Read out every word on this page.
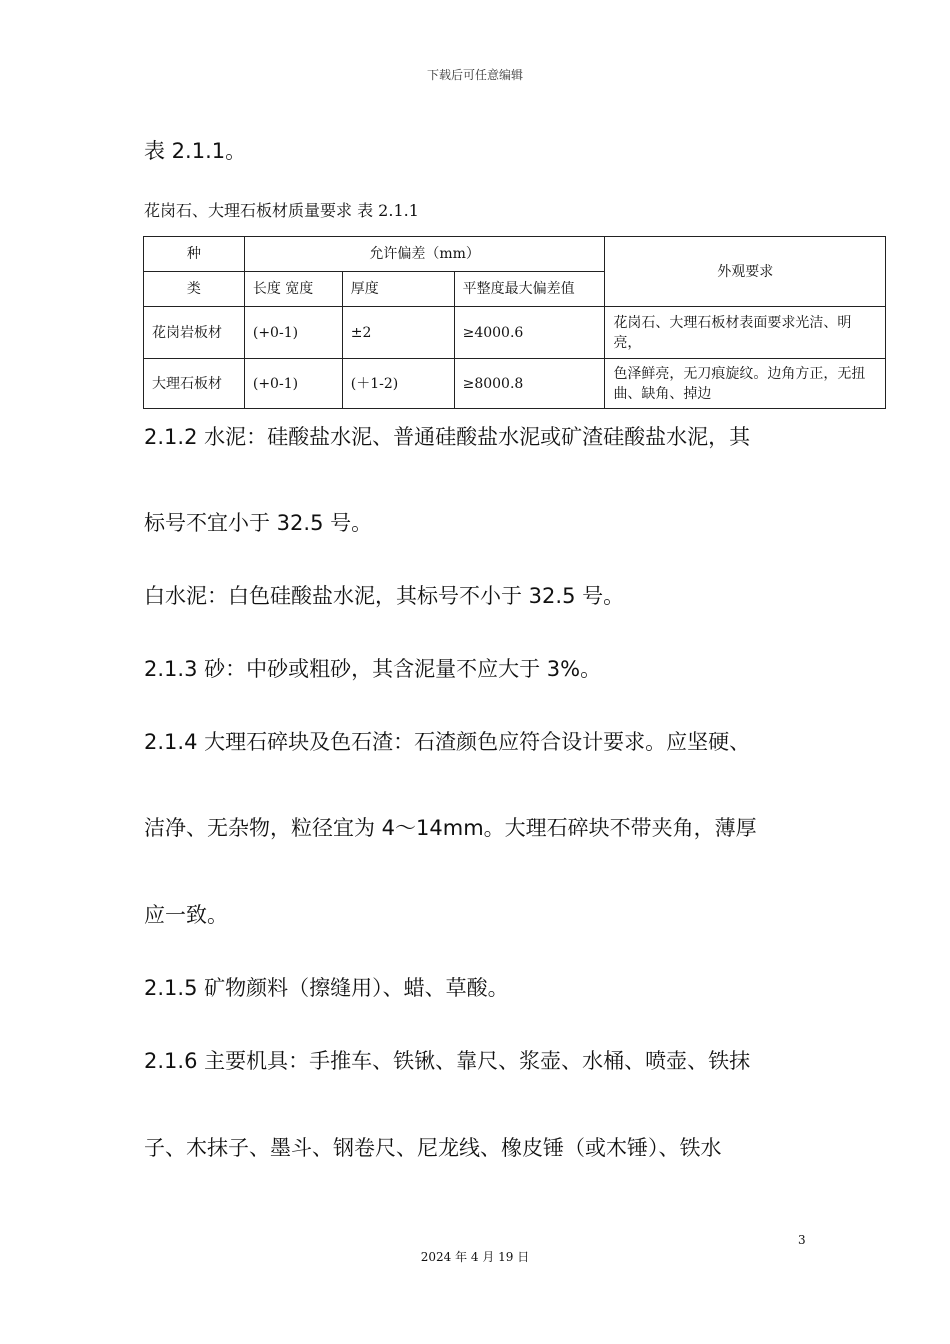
下载后可任意编辑
表 2.1.1。
花岗石、大理石板材质量要求 表 2.1.1
种	允许偏差（mm）			外观要求
类	长度 宽度	厚度	平整度最大偏差值	
花岗岩板材	(+0-1)	±2	≥4000.6	花岗石、大理石板材表面要求光洁、明亮，
大理石板材	(+0-1)	(＋1-2)	≥8000.8	色泽鲜亮，无刀痕旋纹。边角方正，无扭曲、缺角、掉边
2.1.2 水泥：硅酸盐水泥、普通硅酸盐水泥或矿渣硅酸盐水泥，其
标号不宜小于 32.5 号。
白水泥：白色硅酸盐水泥，其标号不小于 32.5 号。
2.1.3 砂：中砂或粗砂，其含泥量不应大于 3%。
2.1.4 大理石碎块及色石渣：石渣颜色应符合设计要求。应坚硬、
洁净、无杂物，粒径宜为 4～14mm。大理石碎块不带夹角，薄厚
应一致。
2.1.5 矿物颜料（擦缝用）、蜡、草酸。
2.1.6 主要机具：手推车、铁锹、靠尺、浆壶、水桶、喷壶、铁抹
子、木抹子、墨斗、钢卷尺、尼龙线、橡皮锤（或木锤）、铁水
3
2024 年 4 月 19 日
